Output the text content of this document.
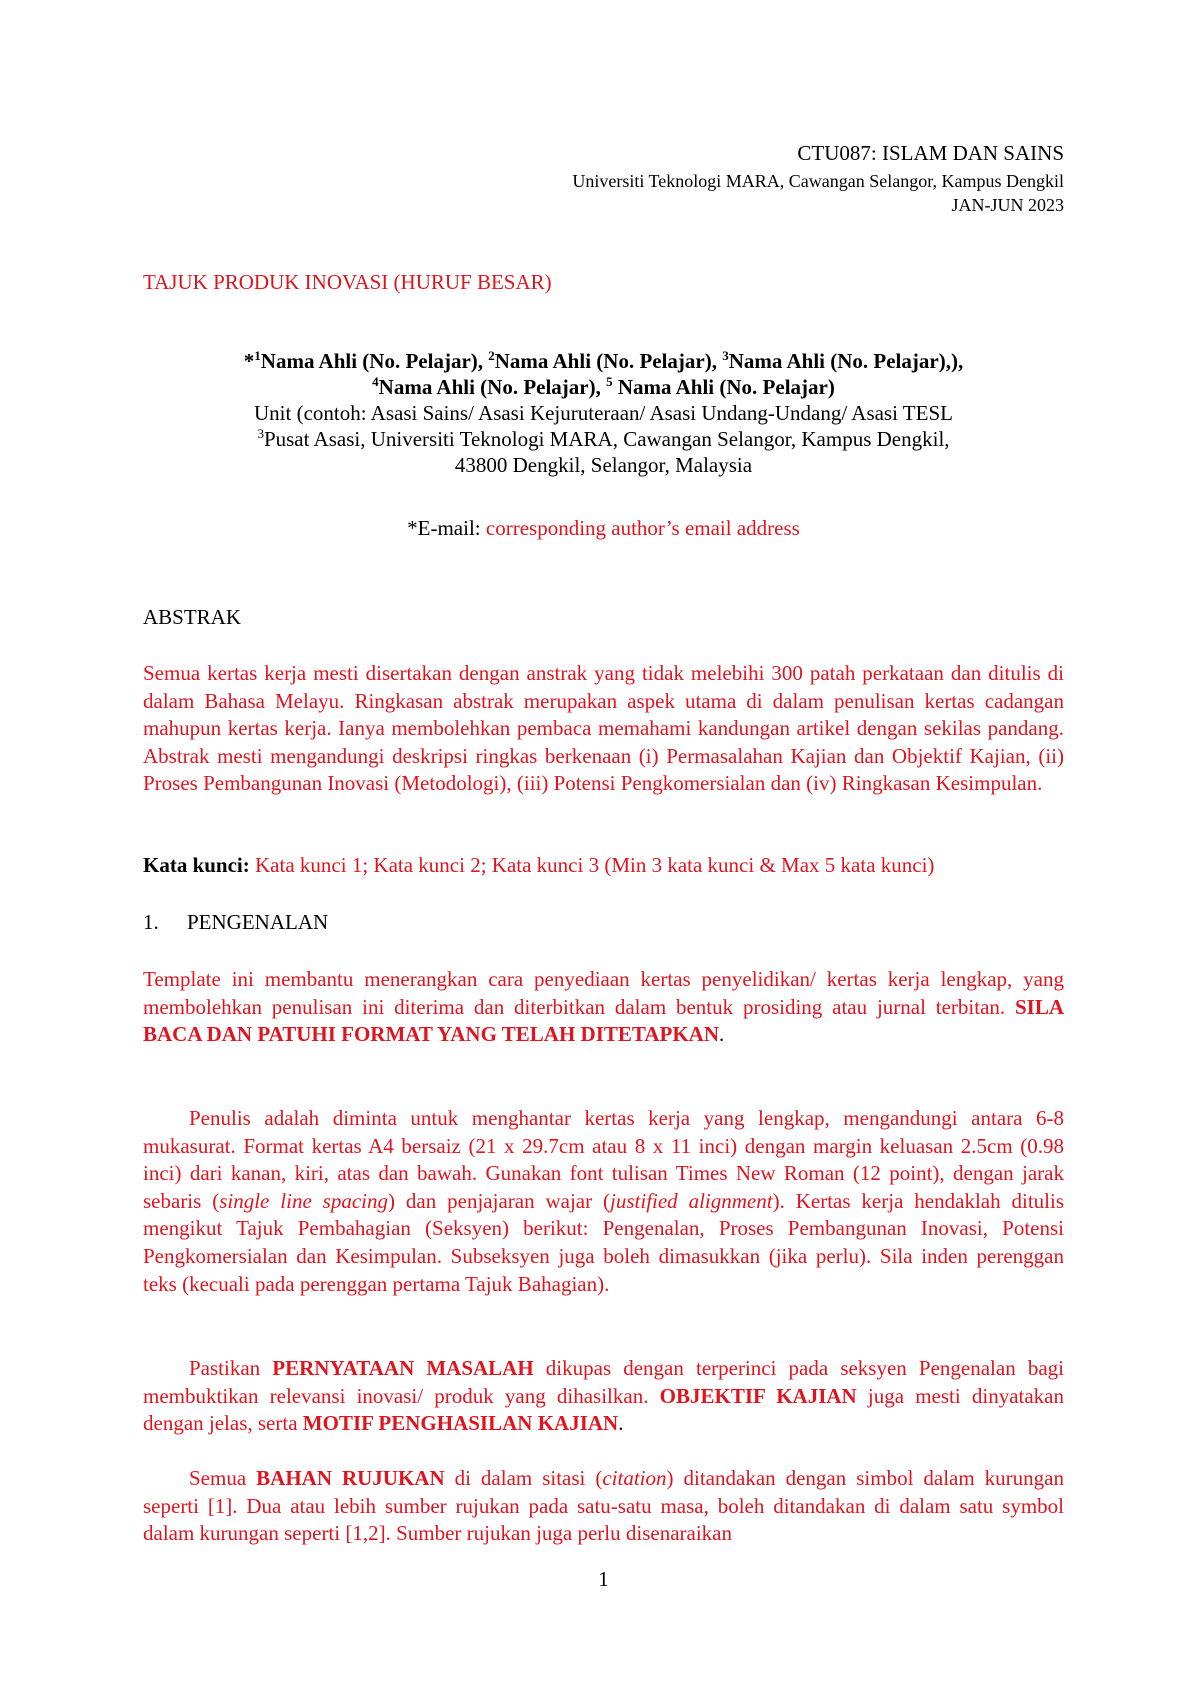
CTU087: ISLAM DAN SAINS
Universiti Teknologi MARA, Cawangan Selangor, Kampus Dengkil
JAN-JUN 2023
TAJUK PRODUK INOVASI (HURUF BESAR)
*$^1$Nama Ahli (No. Pelajar), $^2$Nama Ahli (No. Pelajar), $^3$Nama Ahli (No. Pelajar),),
$^4$Nama Ahli (No. Pelajar), $^5$ Nama Ahli (No. Pelajar)
Unit (contoh: Asasi Sains/ Asasi Kejuruteraan/ Asasi Undang-Undang/ Asasi TESL
$^3$Pusat Asasi, Universiti Teknologi MARA, Cawangan Selangor, Kampus Dengkil,
43800 Dengkil, Selangor, Malaysia
*E-mail: corresponding author’s email address
ABSTRAK
Semua kertas kerja mesti disertakan dengan anstrak yang tidak melebihi 300 patah perkataan dan ditulis di dalam Bahasa Melayu. Ringkasan abstrak merupakan aspek utama di dalam penulisan kertas cadangan mahupun kertas kerja. Ianya membolehkan pembaca memahami kandungan artikel dengan sekilas pandang. Abstrak mesti mengandungi deskripsi ringkas berkenaan (i) Permasalahan Kajian dan Objektif Kajian, (ii) Proses Pembangunan Inovasi (Metodologi), (iii) Potensi Pengkomersialan dan (iv) Ringkasan Kesimpulan.
Kata kunci: Kata kunci 1; Kata kunci 2; Kata kunci 3 (Min 3 kata kunci & Max 5 kata kunci)
1. PENGENALAN
Template ini membantu menerangkan cara penyediaan kertas penyelidikan/ kertas kerja lengkap, yang membolehkan penulisan ini diterima dan diterbitkan dalam bentuk prosiding atau jurnal terbitan. SILA BACA DAN PATUHI FORMAT YANG TELAH DITETAPKAN.
Penulis adalah diminta untuk menghantar kertas kerja yang lengkap, mengandungi antara 6-8 mukasurat. Format kertas A4 bersaiz (21 x 29.7cm atau 8 x 11 inci) dengan margin keluasan 2.5cm (0.98 inci) dari kanan, kiri, atas dan bawah. Gunakan font tulisan Times New Roman (12 point), dengan jarak sebaris (single line spacing) dan penjajaran wajar (justified alignment). Kertas kerja hendaklah ditulis mengikut Tajuk Pembahagian (Seksyen) berikut: Pengenalan, Proses Pembangunan Inovasi, Potensi Pengkomersialan dan Kesimpulan. Subseksyen juga boleh dimasukkan (jika perlu). Sila inden perenggan teks (kecuali pada perenggan pertama Tajuk Bahagian).
Pastikan PERNYATAAN MASALAH dikupas dengan terperinci pada seksyen Pengenalan bagi membuktikan relevansi inovasi/ produk yang dihasilkan. OBJEKTIF KAJIAN juga mesti dinyatakan dengan jelas, serta MOTIF PENGHASILAN KAJIAN.
Semua BAHAN RUJUKAN di dalam sitasi (citation) ditandakan dengan simbol dalam kurungan seperti [1]. Dua atau lebih sumber rujukan pada satu-satu masa, boleh ditandakan di dalam satu symbol dalam kurungan seperti [1,2]. Sumber rujukan juga perlu disenaraikan
1
